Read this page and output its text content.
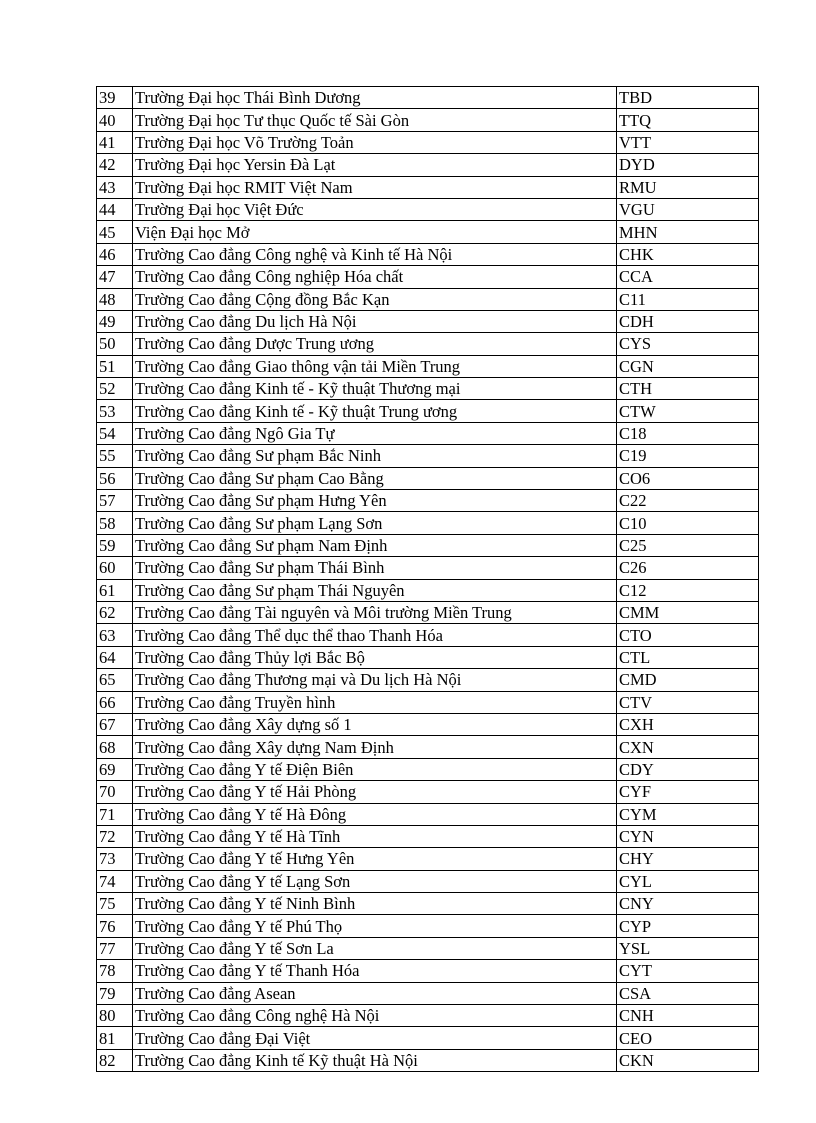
39	Trường Đại học Thái Bình Dương	TBD
40	Trường Đại học Tư thục Quốc tế Sài Gòn	TTQ
41	Trường Đại học Võ Trường Toản	VTT
42	Trường Đại học Yersin Đà Lạt	DYD
43	Trường Đại học RMIT Việt Nam	RMU
44	Trường Đại học Việt Đức	VGU
45	Viện Đại học Mở	MHN
46	Trường Cao đẳng Công nghệ và Kinh tế Hà Nội	CHK
47	Trường Cao đẳng Công nghiệp Hóa chất	CCA
48	Trường Cao đẳng Cộng đồng Bắc Kạn	C11
49	Trường Cao đẳng Du lịch Hà Nội	CDH
50	Trường Cao đẳng Dược Trung ương	CYS
51	Trường Cao đẳng Giao thông vận tải Miền Trung	CGN
52	Trường Cao đẳng Kinh tế - Kỹ thuật Thương mại	CTH
53	Trường Cao đẳng Kinh tế - Kỹ thuật Trung ương	CTW
54	Trường Cao đẳng Ngô Gia Tự	C18
55	Trường Cao đẳng Sư phạm Bắc Ninh	C19
56	Trường Cao đẳng Sư phạm Cao Bằng	CO6
57	Trường Cao đẳng Sư phạm Hưng Yên	C22
58	Trường Cao đẳng Sư phạm Lạng Sơn	C10
59	Trường Cao đẳng Sư phạm Nam Định	C25
60	Trường Cao đẳng Sư phạm Thái Bình	C26
61	Trường Cao đẳng Sư phạm Thái Nguyên	C12
62	Trường Cao đẳng Tài nguyên và Môi trường Miền Trung	CMM
63	Trường Cao đẳng Thể dục thể thao Thanh Hóa	CTO
64	Trường Cao đẳng Thủy lợi Bắc Bộ	CTL
65	Trường Cao đẳng Thương mại và Du lịch Hà Nội	CMD
66	Trường Cao đẳng Truyền hình	CTV
67	Trường Cao đẳng Xây dựng số 1	CXH
68	Trường Cao đẳng Xây dựng Nam Định	CXN
69	Trường Cao đẳng Y tế Điện Biên	CDY
70	Trường Cao đẳng Y tế Hải Phòng	CYF
71	Trường Cao đẳng Y tế Hà Đông	CYM
72	Trường Cao đẳng Y tế Hà Tĩnh	CYN
73	Trường Cao đẳng Y tế Hưng Yên	CHY
74	Trường Cao đẳng Y tế Lạng Sơn	CYL
75	Trường Cao đẳng Y tế Ninh Bình	CNY
76	Trường Cao đẳng Y tế Phú Thọ	CYP
77	Trường Cao đẳng Y tế Sơn La	YSL
78	Trường Cao đẳng Y tế Thanh Hóa	CYT
79	Trường Cao đẳng Asean	CSA
80	Trường Cao đẳng Công nghệ Hà Nội	CNH
81	Trường Cao đẳng Đại Việt	CEO
82	Trường Cao đẳng Kinh tế Kỹ thuật Hà Nội	CKN
